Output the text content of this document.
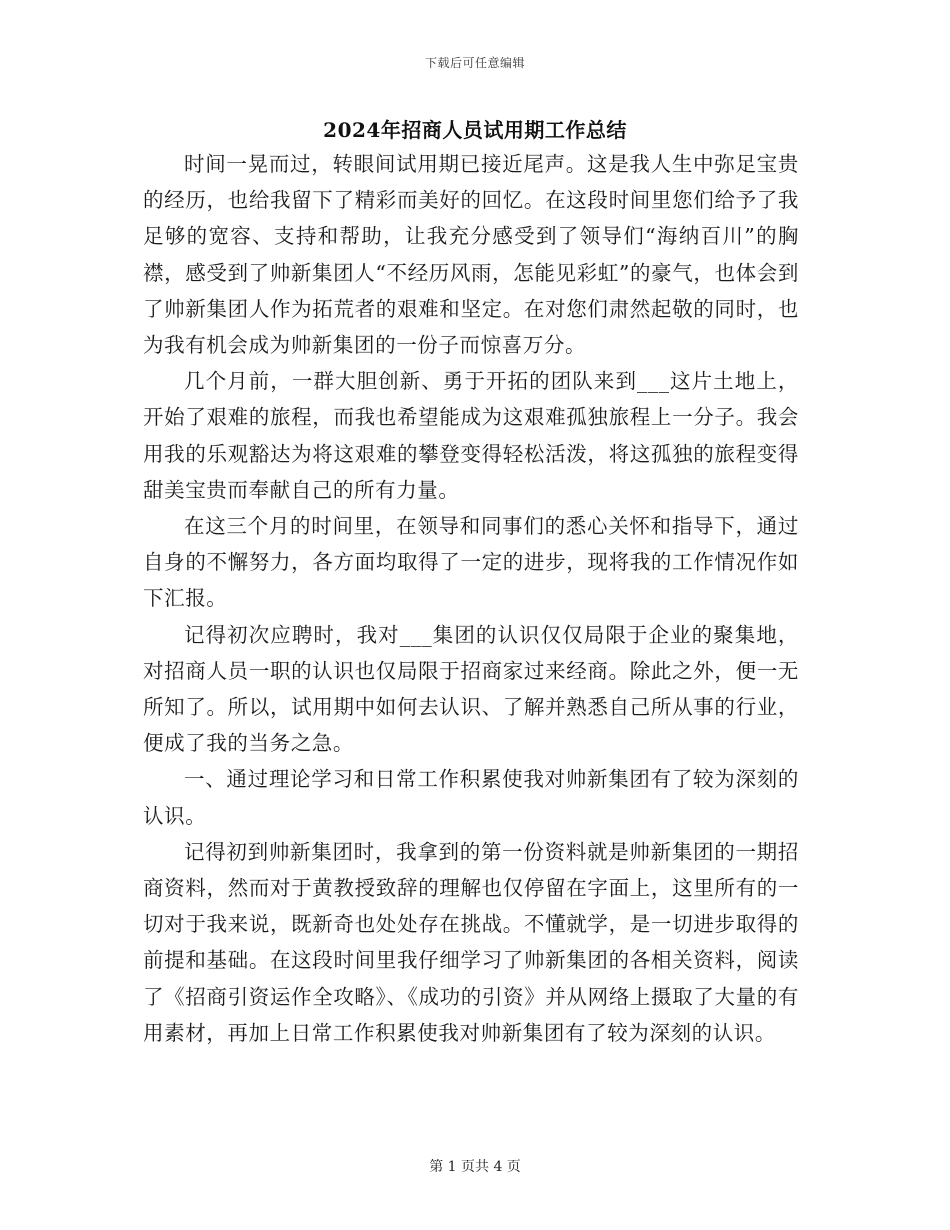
下载后可任意编辑
2024年招商人员试用期工作总结

时间一晃而过，转眼间试用期已接近尾声。这是我人生中弥足宝贵的经历，也给我留下了精彩而美好的回忆。在这段时间里您们给予了我足够的宽容、支持和帮助，让我充分感受到了领导们“海纳百川”的胸襟，感受到了帅新集团人“不经历风雨，怎能见彩虹”的豪气，也体会到了帅新集团人作为拓荒者的艰难和坚定。在对您们肃然起敬的同时，也为我有机会成为帅新集团的一份子而惊喜万分。

几个月前，一群大胆创新、勇于开拓的团队来到___这片土地上，开始了艰难的旅程，而我也希望能成为这艰难孤独旅程上一分子。我会用我的乐观豁达为将这艰难的攀登变得轻松活泼，将这孤独的旅程变得甜美宝贵而奉献自己的所有力量。

在这三个月的时间里，在领导和同事们的悉心关怀和指导下，通过自身的不懈努力，各方面均取得了一定的进步，现将我的工作情况作如下汇报。

记得初次应聘时，我对___集团的认识仅仅局限于企业的聚集地，对招商人员一职的认识也仅局限于招商家过来经商。除此之外，便一无所知了。所以，试用期中如何去认识、了解并熟悉自己所从事的行业，便成了我的当务之急。

一、通过理论学习和日常工作积累使我对帅新集团有了较为深刻的认识。

记得初到帅新集团时，我拿到的第一份资料就是帅新集团的一期招商资料，然而对于黄教授致辞的理解也仅停留在字面上，这里所有的一切对于我来说，既新奇也处处存在挑战。不懂就学，是一切进步取得的前提和基础。在这段时间里我仔细学习了帅新集团的各相关资料，阅读了《招商引资运作全攻略》、《成功的引资》并从网络上摄取了大量的有用素材，再加上日常工作积累使我对帅新集团有了较为深刻的认识。

第 1 页共 4 页
